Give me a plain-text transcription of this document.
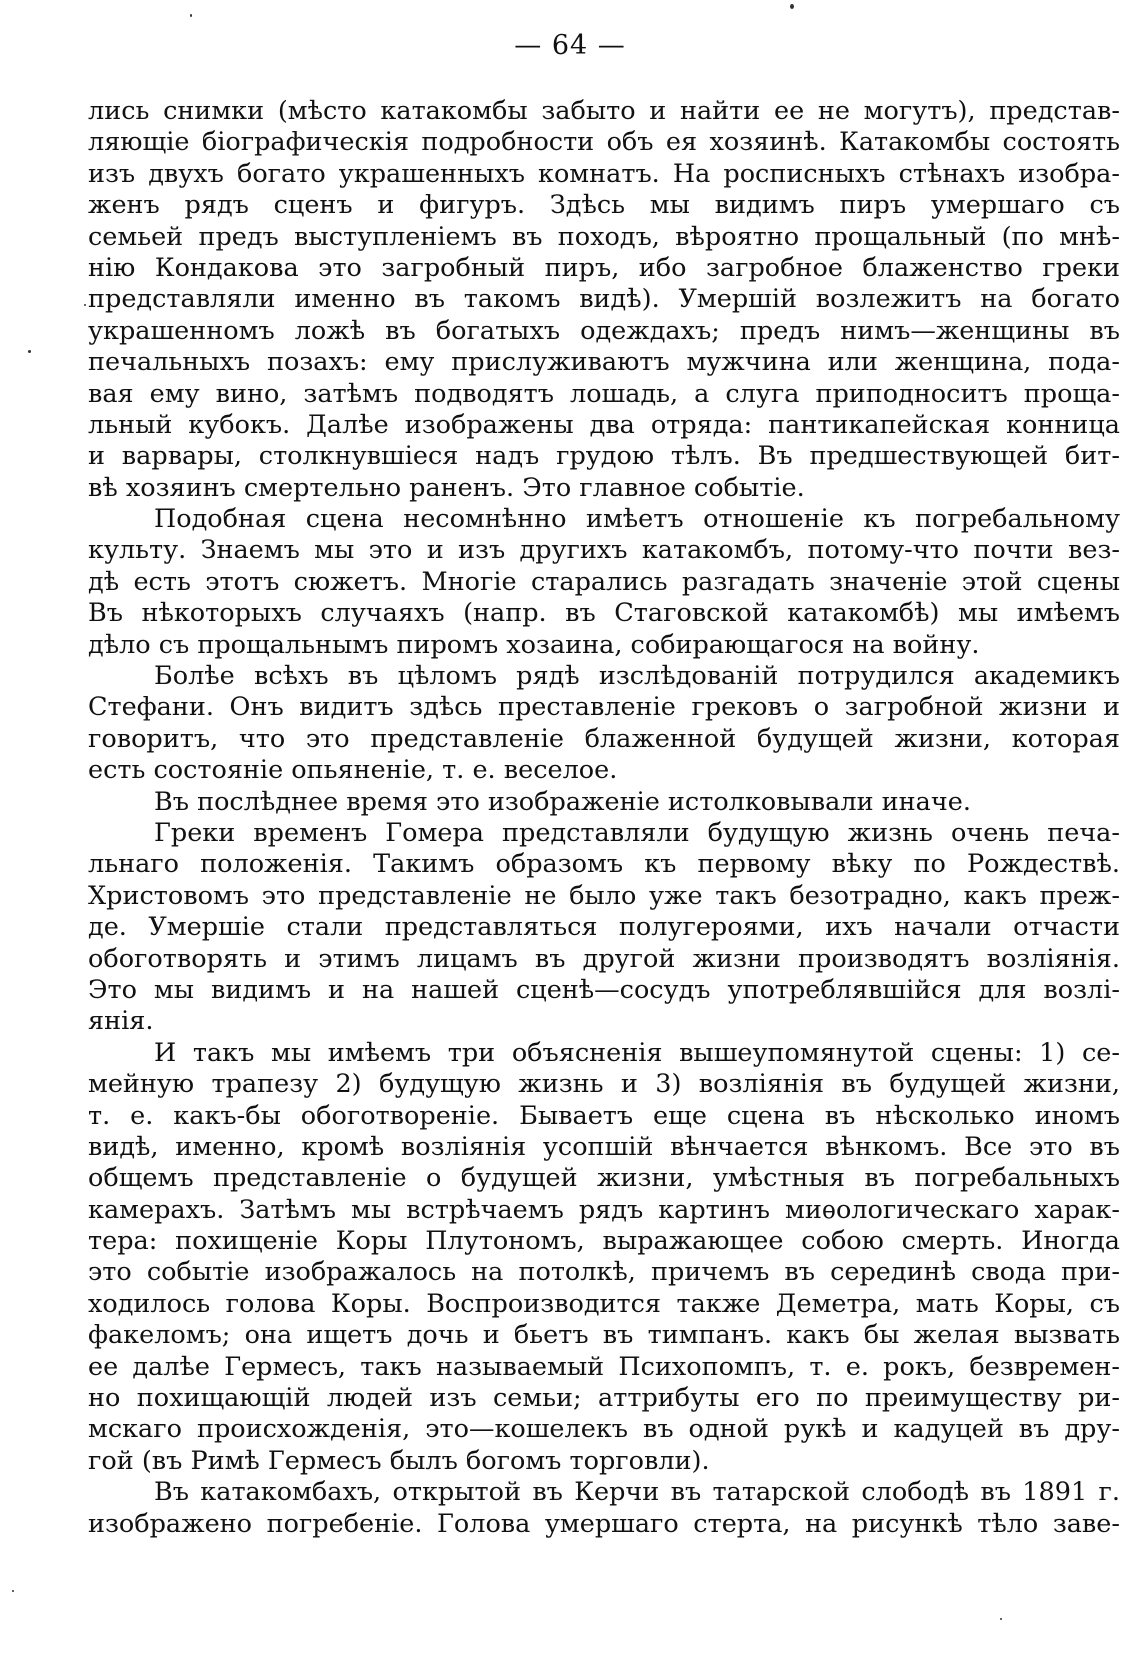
— 64 —
лись снимки (мѣсто катакомбы забыто и найти ее не могутъ), представ-
ляющіе біографическія подробности объ ея хозяинѣ. Катакомбы состоять
изъ двухъ богато украшенныхъ комнатъ. На росписныхъ стѣнахъ изобра-
женъ рядъ сценъ и фигуръ. Здѣсь мы видимъ пиръ умершаго съ
семьей предъ выступленіемъ въ походъ, вѣроятно прощальный (по мнѣ-
нію Кондакова это загробный пиръ, ибо загробное блаженство греки
представляли именно въ такомъ видѣ). Умершій возлежитъ на богато
украшенномъ ложѣ въ богатыхъ одеждахъ; предъ нимъ—женщины въ
печальныхъ позахъ: ему прислуживаютъ мужчина или женщина, пода-
вая ему вино, затѣмъ подводятъ лошадь, а слуга приподноситъ проща-
льный кубокъ. Далѣе изображены два отряда: пантикапейская конница
и варвары, столкнувшіеся надъ грудою тѣлъ. Въ предшествующей бит-
вѣ хозяинъ смертельно раненъ. Это главное событіе.
Подобная сцена несомнѣнно имѣетъ отношеніе къ погребальному
культу. Знаемъ мы это и изъ другихъ катакомбъ, потому-что почти вез-
дѣ есть этотъ сюжетъ. Многіе старались разгадать значеніе этой сцены
Въ нѣкоторыхъ случаяхъ (напр. въ Стаговской катакомбѣ) мы имѣемъ
дѣло съ прощальнымъ пиромъ хозаина, собирающагося на войну.
Болѣе всѣхъ въ цѣломъ рядѣ изслѣдованій потрудился академикъ
Стефани. Онъ видитъ здѣсь преставленіе грековъ о загробной жизни и
говоритъ, что это представленіе блаженной будущей жизни, которая
есть состояніе опьяненіе, т. е. веселое.
Въ послѣднее время это изображеніе истолковывали иначе.
Греки временъ Гомера представляли будущую жизнь очень печа-
льнаго положенія. Такимъ образомъ къ первому вѣку по Рождествѣ.
Христовомъ это представленіе не было уже такъ безотрадно, какъ преж-
де. Умершіе стали представляться полугероями, ихъ начали отчасти
обоготворять и этимъ лицамъ въ другой жизни производятъ возліянія.
Это мы видимъ и на нашей сценѣ—сосудъ употреблявшійся для возлі-
янія.
И такъ мы имѣемъ три объясненія вышеупомянутой сцены: 1) се-
мейную трапезу 2) будущую жизнь и 3) возліянія въ будущей жизни,
т. е. какъ-бы обоготвореніе. Бываетъ еще сцена въ нѣсколько иномъ
видѣ, именно, кромѣ возліянія усопшій вѣнчается вѣнкомъ. Все это въ
общемъ представленіе о будущей жизни, умѣстныя въ погребальныхъ
камерахъ. Затѣмъ мы встрѣчаемъ рядъ картинъ миѳологическаго харак-
тера: похищеніе Коры Плутономъ, выражающее собою смерть. Иногда
это событіе изображалось на потолкѣ, причемъ въ серединѣ свода при-
ходилось голова Коры. Воспроизводится также Деметра, мать Коры, съ
факеломъ; она ищетъ дочь и бьетъ въ тимпанъ. какъ бы желая вызвать
ее далѣе Гермесъ, такъ называемый Психопомпъ, т. е. рокъ, безвремен-
но похищающій людей изъ семьи; аттрибуты его по преимуществу ри-
мскаго происхожденія, это—кошелекъ въ одной рукѣ и кадуцей въ дру-
гой (въ Римѣ Гермесъ былъ богомъ торговли).
Въ катакомбахъ, открытой въ Керчи въ татарской слободѣ въ 1891 г.
изображено погребеніе. Голова умершаго стерта, на рисункѣ тѣло заве-
